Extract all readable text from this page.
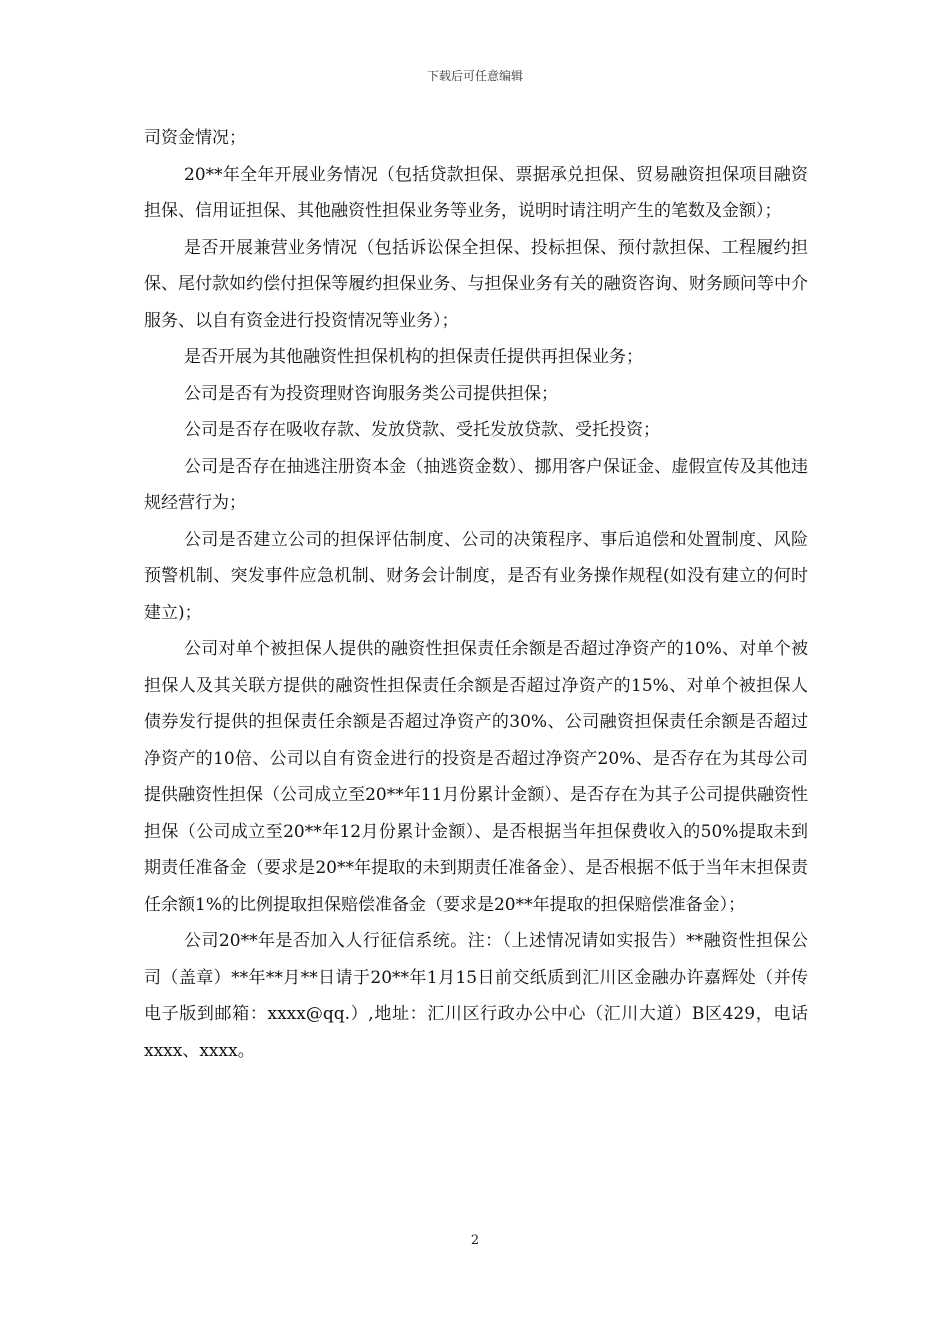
下载后可任意编辑

司资金情况；

20**年全年开展业务情况（包括贷款担保、票据承兑担保、贸易融资担保项目融资担保、信用证担保、其他融资性担保业务等业务，说明时请注明产生的笔数及金额）；

是否开展兼营业务情况（包括诉讼保全担保、投标担保、预付款担保、工程履约担保、尾付款如约偿付担保等履约担保业务、与担保业务有关的融资咨询、财务顾问等中介服务、以自有资金进行投资情况等业务）；

是否开展为其他融资性担保机构的担保责任提供再担保业务；

公司是否有为投资理财咨询服务类公司提供担保；

公司是否存在吸收存款、发放贷款、受托发放贷款、受托投资；

公司是否存在抽逃注册资本金（抽逃资金数）、挪用客户保证金、虚假宣传及其他违规经营行为；

公司是否建立公司的担保评估制度、公司的决策程序、事后追偿和处置制度、风险预警机制、突发事件应急机制、财务会计制度，是否有业务操作规程(如没有建立的何时建立)；

公司对单个被担保人提供的融资性担保责任余额是否超过净资产的10%、对单个被担保人及其关联方提供的融资性担保责任余额是否超过净资产的15%、对单个被担保人债券发行提供的担保责任余额是否超过净资产的30%、公司融资担保责任余额是否超过净资产的10倍、公司以自有资金进行的投资是否超过净资产20%、是否存在为其母公司提供融资性担保（公司成立至20**年11月份累计金额）、是否存在为其子公司提供融资性担保（公司成立至20**年12月份累计金额）、是否根据当年担保费收入的50%提取未到期责任准备金（要求是20**年提取的未到期责任准备金）、是否根据不低于当年末担保责任余额1%的比例提取担保赔偿准备金（要求是20**年提取的担保赔偿准备金）；

公司20**年是否加入人行征信系统。注：（上述情况请如实报告）**融资性担保公司（盖章）**年**月**日请于20**年1月15日前交纸质到汇川区金融办许嘉辉处（并传电子版到邮箱：xxxx@qq.）,地址：汇川区行政办公中心（汇川大道）B区429，电话xxxx、xxxx。

2
